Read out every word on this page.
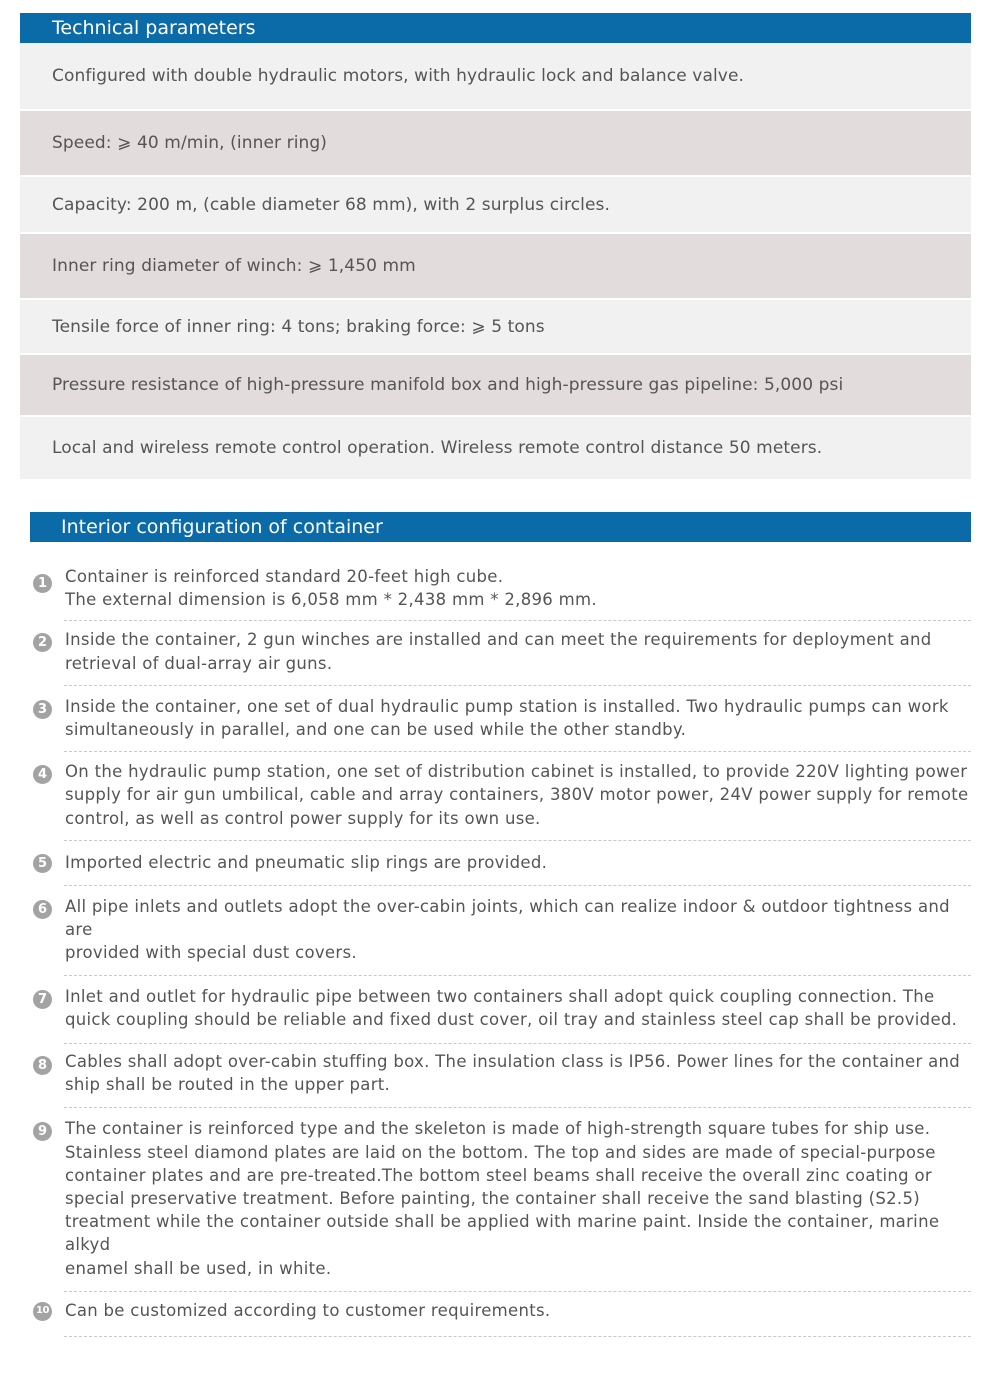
Technical parameters
Configured with double hydraulic motors, with hydraulic lock and balance valve.
Speed: ⩾ 40 m/min, (inner ring)
Capacity: 200 m, (cable diameter 68 mm), with 2 surplus circles.
Inner ring diameter of winch: ⩾ 1,450 mm
Tensile force of inner ring: 4 tons; braking force: ⩾ 5 tons
Pressure resistance of high-pressure manifold box and high-pressure gas pipeline: 5,000 psi
Local and wireless remote control operation. Wireless remote control distance 50 meters.
Interior configuration of container
1	Container is reinforced standard 20-feet high cube.
The external dimension is 6,058 mm * 2,438 mm * 2,896 mm.
2	Inside the container, 2 gun winches are installed and can meet the requirements for deployment and
retrieval of dual-array air guns.
3	Inside the container, one set of dual hydraulic pump station is installed. Two hydraulic pumps can work
simultaneously in parallel, and one can be used while the other standby.
4	On the hydraulic pump station, one set of distribution cabinet is installed, to provide 220V lighting power
supply for air gun umbilical, cable and array containers, 380V motor power, 24V power supply for remote
control, as well as control power supply for its own use.
5	Imported electric and pneumatic slip rings are provided.
6	All pipe inlets and outlets adopt the over-cabin joints, which can realize indoor & outdoor tightness and are
provided with special dust covers.
7	Inlet and outlet for hydraulic pipe between two containers shall adopt quick coupling connection. The
quick coupling should be reliable and fixed dust cover, oil tray and stainless steel cap shall be provided.
8	Cables shall adopt over-cabin stuffing box. The insulation class is IP56. Power lines for the container and
ship shall be routed in the upper part.
9	The container is reinforced type and the skeleton is made of high-strength square tubes for ship use.
Stainless steel diamond plates are laid on the bottom. The top and sides are made of special-purpose
container plates and are pre-treated.The bottom steel beams shall receive the overall zinc coating or
special preservative treatment. Before painting, the container shall receive the sand blasting (S2.5)
treatment while the container outside shall be applied with marine paint. Inside the container, marine alkyd
enamel shall be used, in white.
10 Can be customized according to customer requirements.
